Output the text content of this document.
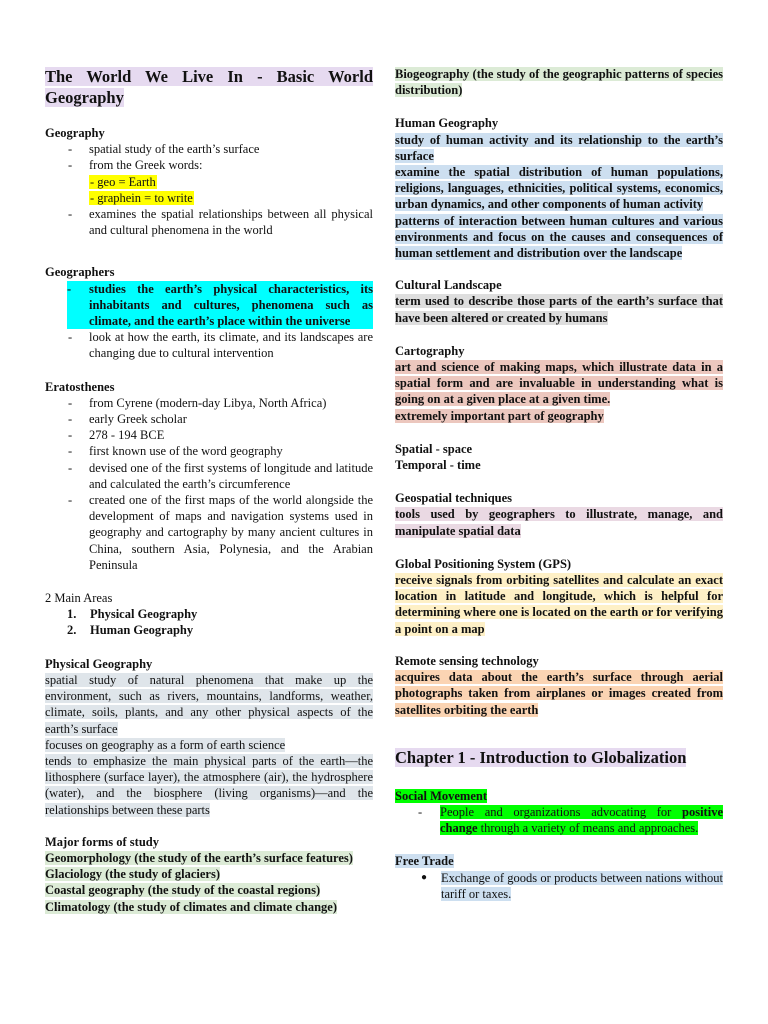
The World We Live In - Basic World Geography

Geography

- spatial study of the earth’s surface
- from the Greek words:
- geo = Earth
- graphein = to write
- examines the spatial relationships between all physical and cultural phenomena in the world

Geographers

- studies the earth’s physical characteristics, its inhabitants and cultures, phenomena such as climate, and the earth’s place within the universe
- look at how the earth, its climate, and its landscapes are changing due to cultural intervention

Eratosthenes

- from Cyrene (modern-day Libya, North Africa)
- early Greek scholar
- 278 - 194 BCE
- first known use of the word geography
- devised one of the first systems of longitude and latitude and calculated the earth’s circumference
- created one of the first maps of the world alongside the development of maps and navigation systems used in geography and cartography by many ancient cultures in China, southern Asia, Polynesia, and the Arabian Peninsula

2 Main Areas

1. Physical Geography
2. Human Geography

Physical Geography

spatial study of natural phenomena that make up the environment, such as rivers, mountains, landforms, weather, climate, soils, plants, and any other physical aspects of the earth’s surface
focuses on geography as a form of earth science
tends to emphasize the main physical parts of the earth—the lithosphere (surface layer), the atmosphere (air), the hydrosphere (water), and the biosphere (living organisms)—and the relationships between these parts

Major forms of study

Geomorphology (the study of the earth’s surface features)
Glaciology (the study of glaciers)
Coastal geography (the study of the coastal regions)
Climatology (the study of climates and climate change)
Biogeography (the study of the geographic patterns of species distribution)

Human Geography

study of human activity and its relationship to the earth’s surface
examine the spatial distribution of human populations, religions, languages, ethnicities, political systems, economics, urban dynamics, and other components of human activity
patterns of interaction between human cultures and various environments and focus on the causes and consequences of human settlement and distribution over the landscape

Cultural Landscape

term used to describe those parts of the earth’s surface that have been altered or created by humans

Cartography

art and science of making maps, which illustrate data in a spatial form and are invaluable in understanding what is going on at a given place at a given time.
extremely important part of geography

Spatial - space

Temporal - time

Geospatial techniques

tools used by geographers to illustrate, manage, and manipulate spatial data

Global Positioning System (GPS)

receive signals from orbiting satellites and calculate an exact location in latitude and longitude, which is helpful for determining where one is located on the earth or for verifying a point on a map

Remote sensing technology

acquires data about the earth’s surface through aerial photographs taken from airplanes or images created from satellites orbiting the earth
Chapter 1 - Introduction to Globalization

Social Movement

- People and organizations advocating for positive change through a variety of means and approaches.

Free Trade

● Exchange of goods or products between nations without tariff or taxes.
